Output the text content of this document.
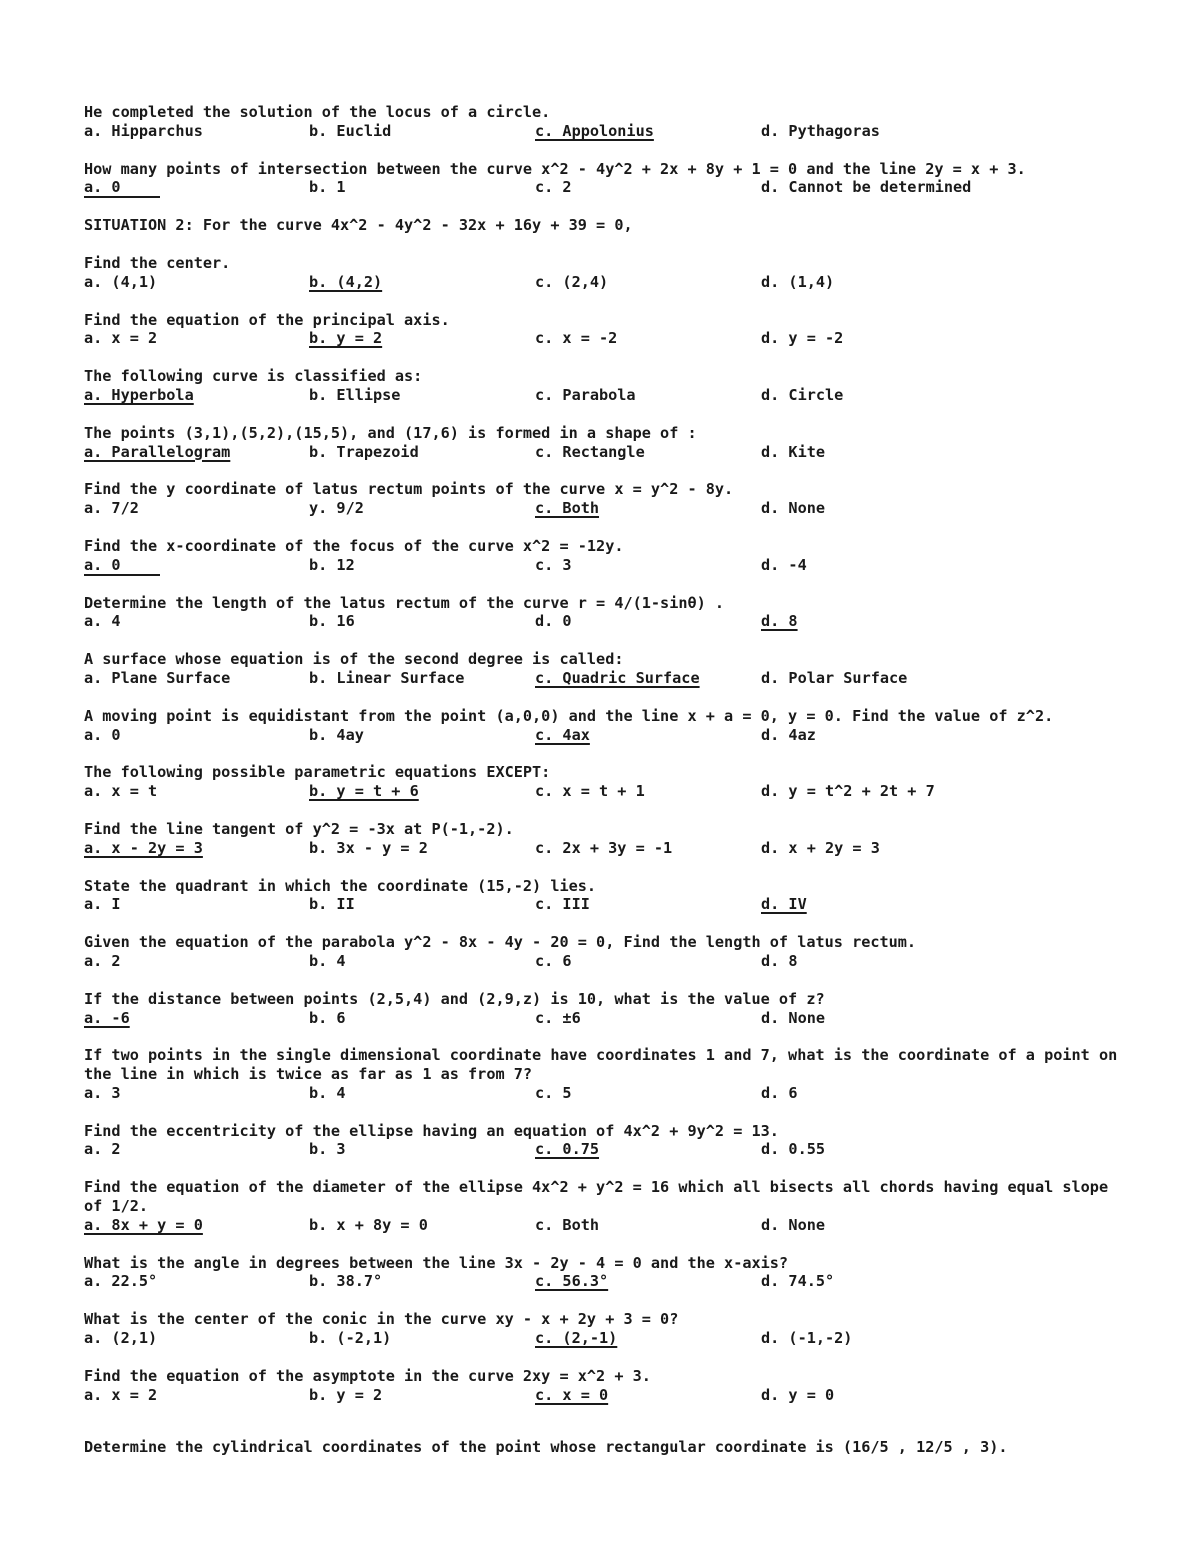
He completed the solution of the locus of a circle.

a. Hipparchus	b. Euclid	c. Appolonius	d. Pythagoras

How many points of intersection between the curve x^2 - 4y^2 + 2x + 8y + 1 = 0 and the line 2y = x + 3.

a. 0	b. 1	c. 2	d. Cannot be determined

SITUATION 2: For the curve 4x^2 - 4y^2 - 32x + 16y + 39 = 0,

Find the center.

a. (4,1)	b. (4,2)	c. (2,4)	d. (1,4)

Find the equation of the principal axis.

a. x = 2	b. y = 2	c. x = -2	d. y = -2

The following curve is classified as:

a. Hyperbola	b. Ellipse	c. Parabola	d. Circle

The points (3,1),(5,2),(15,5), and (17,6) is formed in a shape of :

a. Parallelogram	b. Trapezoid	c. Rectangle	d. Kite

Find the y coordinate of latus rectum points of the curve x = y^2 - 8y.

a. 7/2	y. 9/2	c. Both	d. None

Find the x-coordinate of the focus of the curve x^2 = -12y.

a. 0	b. 12	c. 3	d. -4

Determine the length of the latus rectum of the curve r = 4/(1-sinθ) .

a. 4	b. 16	d. 0	d. 8

A surface whose equation is of the second degree is called:

a. Plane Surface	b. Linear Surface	c. Quadric Surface	d. Polar Surface

A moving point is equidistant from the point (a,0,0) and the line x + a = 0, y = 0. Find the value of z^2.

a. 0	b. 4ay	c. 4ax	d. 4az

The following possible parametric equations EXCEPT:

a. x = t	b. y = t + 6	c. x = t + 1	d. y = t^2 + 2t + 7

Find the line tangent of y^2 = -3x at P(-1,-2).

a. x - 2y = 3	b. 3x - y = 2	c. 2x + 3y = -1	d. x + 2y = 3

State the quadrant in which the coordinate (15,-2) lies.

a. I	b. II	c. III	d. IV

Given the equation of the parabola y^2 - 8x - 4y - 20 = 0, Find the length of latus rectum.

a. 2	b. 4	c. 6	d. 8

If the distance between points (2,5,4) and (2,9,z) is 10, what is the value of z?

a. -6	b. 6	c. ±6	d. None

If two points in the single dimensional coordinate have coordinates 1 and 7, what is the coordinate of a point on the line in which is twice as far as 1 as from 7?

a. 3	b. 4	c. 5	d. 6

Find the eccentricity of the ellipse having an equation of 4x^2 + 9y^2 = 13.

a. 2	b. 3	c. 0.75	d. 0.55

Find the equation of the diameter of the ellipse 4x^2 + y^2 = 16 which all bisects all chords having equal slope of 1/2.

a. 8x + y = 0	b. x + 8y = 0	c. Both	d. None

What is the angle in degrees between the line 3x - 2y - 4 = 0 and the x-axis?

a. 22.5°	b. 38.7°	c. 56.3°	d. 74.5°

What is the center of the conic in the curve xy - x + 2y + 3 = 0?

a. (2,1)	b. (-2,1)	c. (2,-1)	d. (-1,-2)

Find the equation of the asymptote in the curve 2xy = x^2 + 3.

a. x = 2	b. y = 2	c. x = 0	d. y = 0

Determine the cylindrical coordinates of the point whose rectangular coordinate is (16/5 , 12/5 , 3).
